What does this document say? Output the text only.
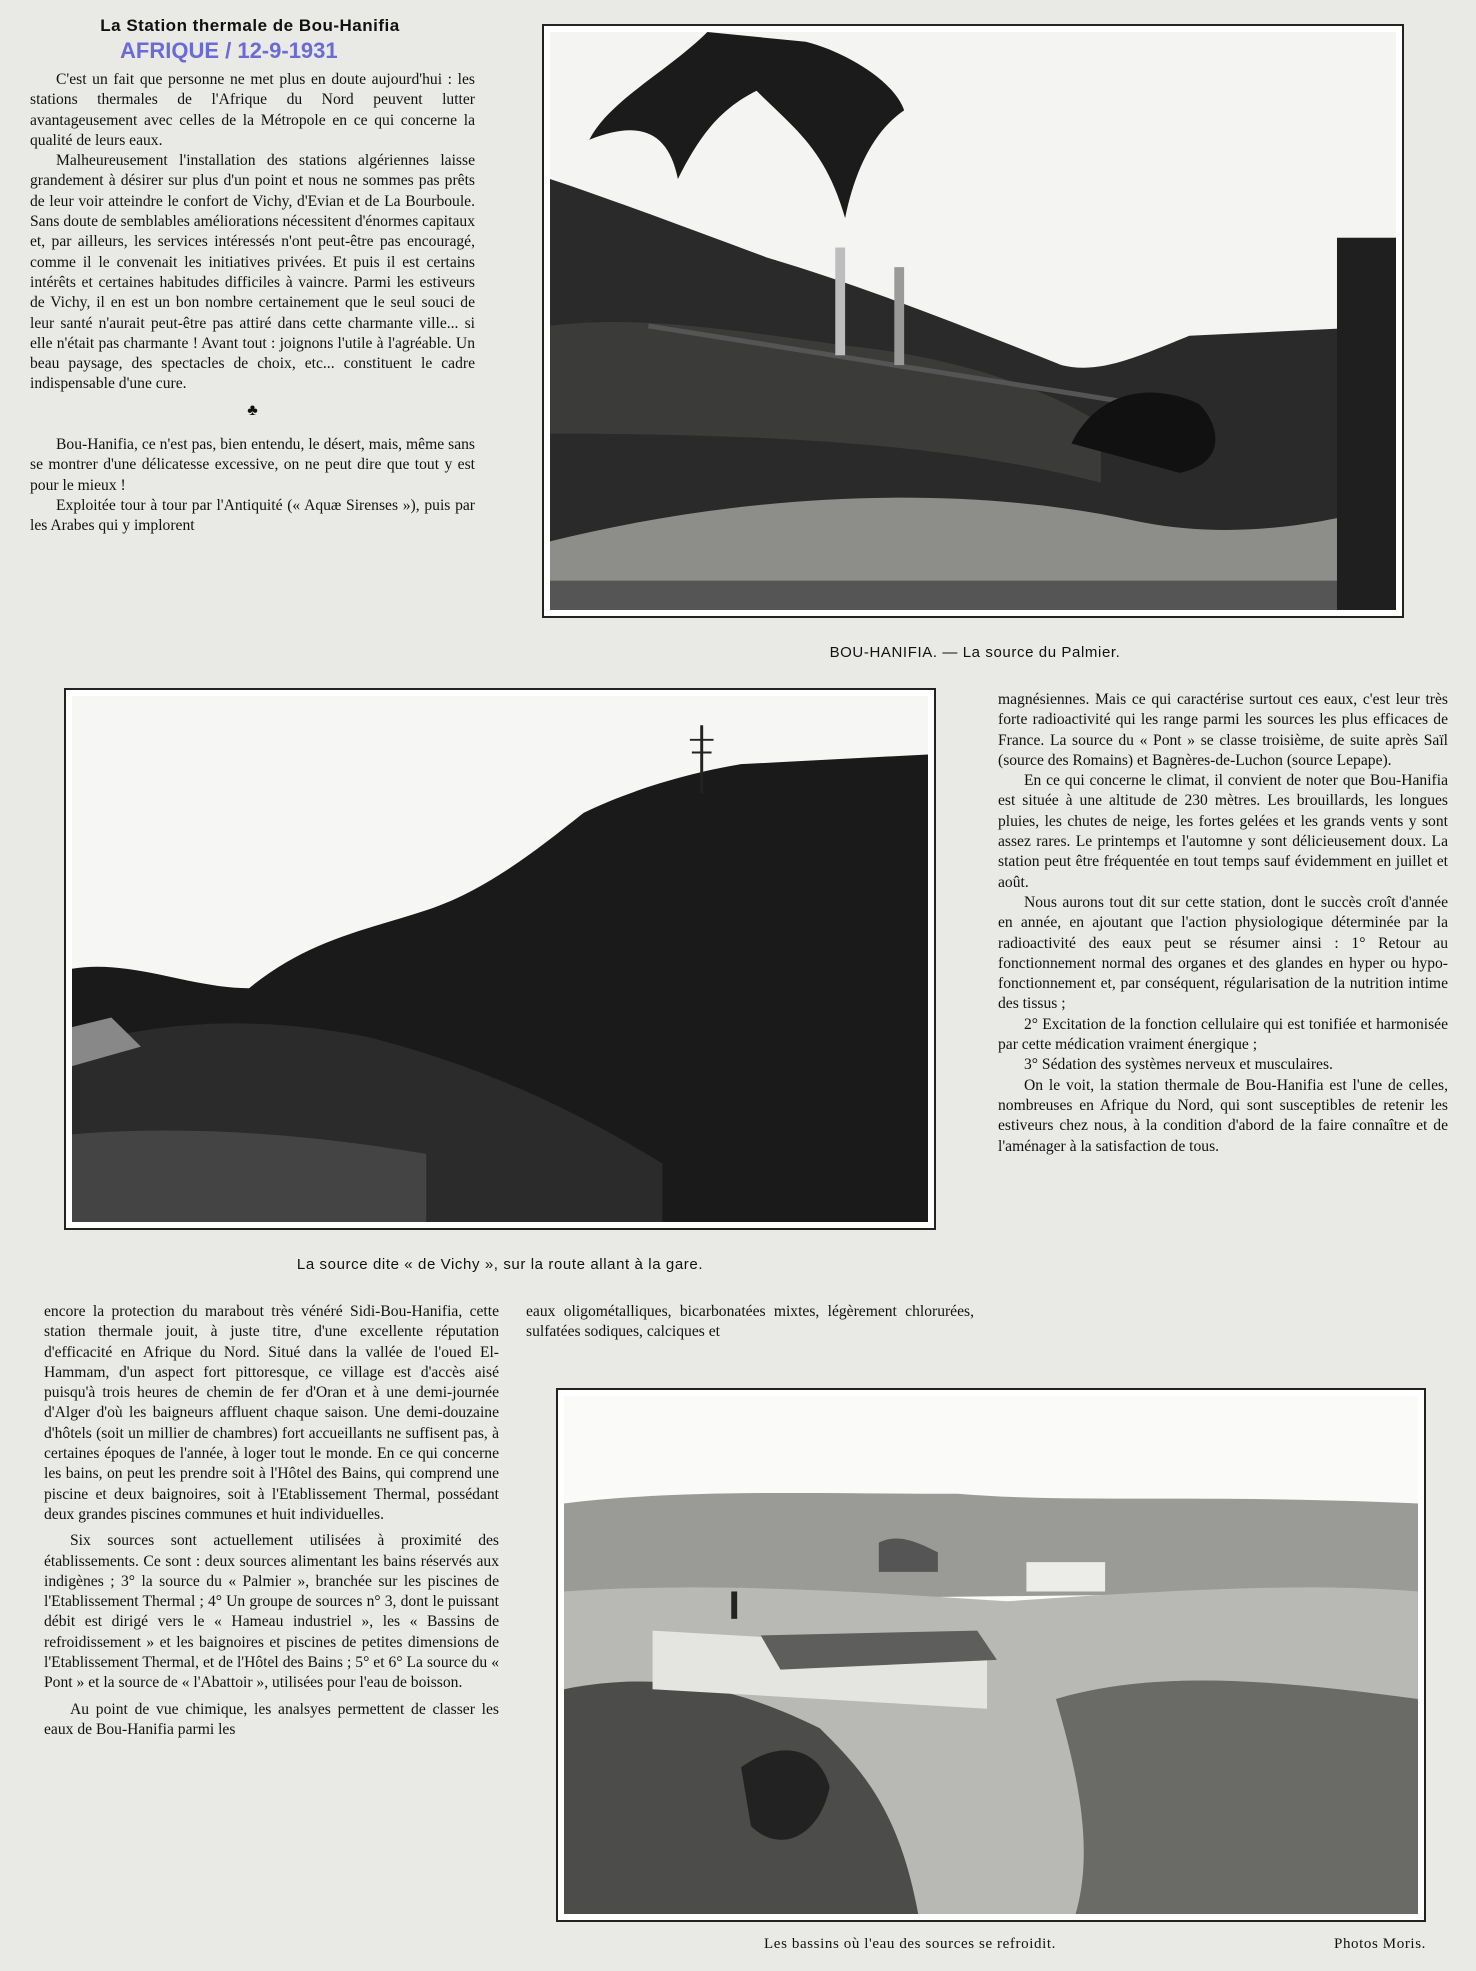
La Station thermale de Bou-Hanifia
AFRIQUE / 12-9-1931

C'est un fait que personne ne met plus en doute aujourd'hui : les stations thermales de l'Afrique du Nord peuvent lutter avantageusement avec celles de la Métropole en ce qui concerne la qualité de leurs eaux.

Malheureusement l'installation des stations algériennes laisse grandement à désirer sur plus d'un point et nous ne sommes pas prêts de leur voir atteindre le confort de Vichy, d'Evian et de La Bourboule. Sans doute de semblables améliorations nécessitent d'énormes capitaux et, par ailleurs, les services intéressés n'ont peut-être pas encouragé, comme il le convenait les initiatives privées. Et puis il est certains intérêts et certaines habitudes difficiles à vaincre. Parmi les estiveurs de Vichy, il en est un bon nombre certainement que le seul souci de leur santé n'aurait peut-être pas attiré dans cette charmante ville... si elle n'était pas charmante ! Avant tout : joignons l'utile à l'agréable. Un beau paysage, des spectacles de choix, etc... constituent le cadre indispensable d'une cure.

♣

Bou-Hanifia, ce n'est pas, bien entendu, le désert, mais, même sans se montrer d'une délicatesse excessive, on ne peut dire que tout y est pour le mieux !

Exploitée tour à tour par l'Antiquité (« Aquæ Sirenses »), puis par les Arabes qui y implorent

BOU-HANIFIA. — La source du Palmier.
La source dite « de Vichy », sur la route allant à la gare.

magnésiennes. Mais ce qui caractérise surtout ces eaux, c'est leur très forte radioactivité qui les range parmi les sources les plus efficaces de France. La source du « Pont » se classe troisième, de suite après Saïl (source des Romains) et Bagnères-de-Luchon (source Lepape).

En ce qui concerne le climat, il convient de noter que Bou-Hanifia est située à une altitude de 230 mètres. Les brouillards, les longues pluies, les chutes de neige, les fortes gelées et les grands vents y sont assez rares. Le printemps et l'automne y sont délicieusement doux. La station peut être fréquentée en tout temps sauf évidemment en juillet et août.

Nous aurons tout dit sur cette station, dont le succès croît d'année en année, en ajoutant que l'action physiologique déterminée par la radioactivité des eaux peut se résumer ainsi : 1° Retour au fonctionnement normal des organes et des glandes en hyper ou hypo-fonctionnement et, par conséquent, régularisation de la nutrition intime des tissus ;

2° Excitation de la fonction cellulaire qui est tonifiée et harmonisée par cette médication vraiment énergique ;

3° Sédation des systèmes nerveux et musculaires.

On le voit, la station thermale de Bou-Hanifia est l'une de celles, nombreuses en Afrique du Nord, qui sont susceptibles de retenir les estiveurs chez nous, à la condition d'abord de la faire connaître et de l'aménager à la satisfaction de tous.

encore la protection du marabout très vénéré Sidi-Bou-Hanifia, cette station thermale jouit, à juste titre, d'une excellente réputation d'efficacité en Afrique du Nord. Situé dans la vallée de l'oued El-Hammam, d'un aspect fort pittoresque, ce village est d'accès aisé puisqu'à trois heures de chemin de fer d'Oran et à une demi-journée d'Alger d'où les baigneurs affluent chaque saison. Une demi-douzaine d'hôtels (soit un millier de chambres) fort accueillants ne suffisent pas, à certaines époques de l'année, à loger tout le monde. En ce qui concerne les bains, on peut les prendre soit à l'Hôtel des Bains, qui comprend une piscine et deux baignoires, soit à l'Etablissement Thermal, possédant deux grandes piscines communes et huit individuelles.

Six sources sont actuellement utilisées à proximité des établissements. Ce sont : deux sources alimentant les bains réservés aux indigènes ; 3° la source du « Palmier », branchée sur les piscines de l'Etablissement Thermal ; 4° Un groupe de sources n° 3, dont le puissant débit est dirigé vers le « Hameau industriel », les « Bassins de refroidissement » et les baignoires et piscines de petites dimensions de l'Etablissement Thermal, et de l'Hôtel des Bains ; 5° et 6° La source du « Pont » et la source de « l'Abattoir », utilisées pour l'eau de boisson.

Au point de vue chimique, les analsyes permettent de classer les eaux de Bou-Hanifia parmi les

eaux oligométalliques, bicarbonatées mixtes, légèrement chlorurées, sulfatées sodiques, calciques et

Les bassins où l'eau des sources se refroidit.	Photos Moris.
